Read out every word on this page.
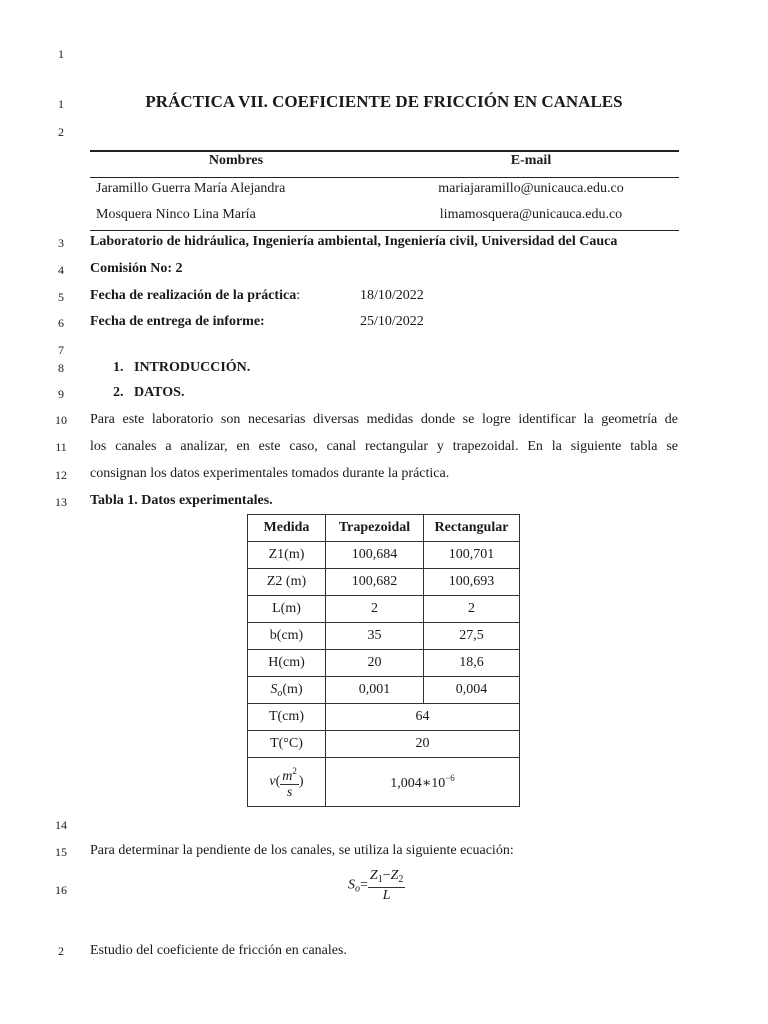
1
1
2
3
4
5
6
7
8
9
10
11
12
13
14
15
16
2
PRÁCTICA VII. COEFICIENTE DE FRICCIÓN EN CANALES
Nombres	E-mail
Jaramillo Guerra María Alejandra	mariajaramillo@unicauca.edu.co
Mosquera Ninco Lina María	limamosquera@unicauca.edu.co
Laboratorio de hidráulica, Ingeniería ambiental, Ingeniería civil, Universidad del Cauca
Comisión No: 2
Fecha de realización de la práctica:	18/10/2022
Fecha de entrega de informe:	25/10/2022
1.   INTRODUCCIÓN.
2.   DATOS.
Para este laboratorio son necesarias diversas medidas donde se logre identificar la geometría de
los canales a analizar, en este caso, canal rectangular y trapezoidal. En la siguiente tabla se
consignan los datos experimentales tomados durante la práctica.
Tabla 1. Datos experimentales.
Medida	Trapezoidal	Rectangular
Z1(m)	100,684	100,701
Z2 (m)	100,682	100,693
L(m)	2	2
b(cm)	35	27,5
H(cm)	20	18,6
$S_o(m)$	0,001	0,004
T(cm)	64	
T(°C)	20	
$v( \frac{m^2}{s}$ )	$1,004∗10^{-6}$
Para determinar la pendiente de los canales, se utiliza la siguiente ecuación:
$S_o= \frac{Z_1-Z_2}{L}$
Estudio del coeficiente de fricción en canales.
